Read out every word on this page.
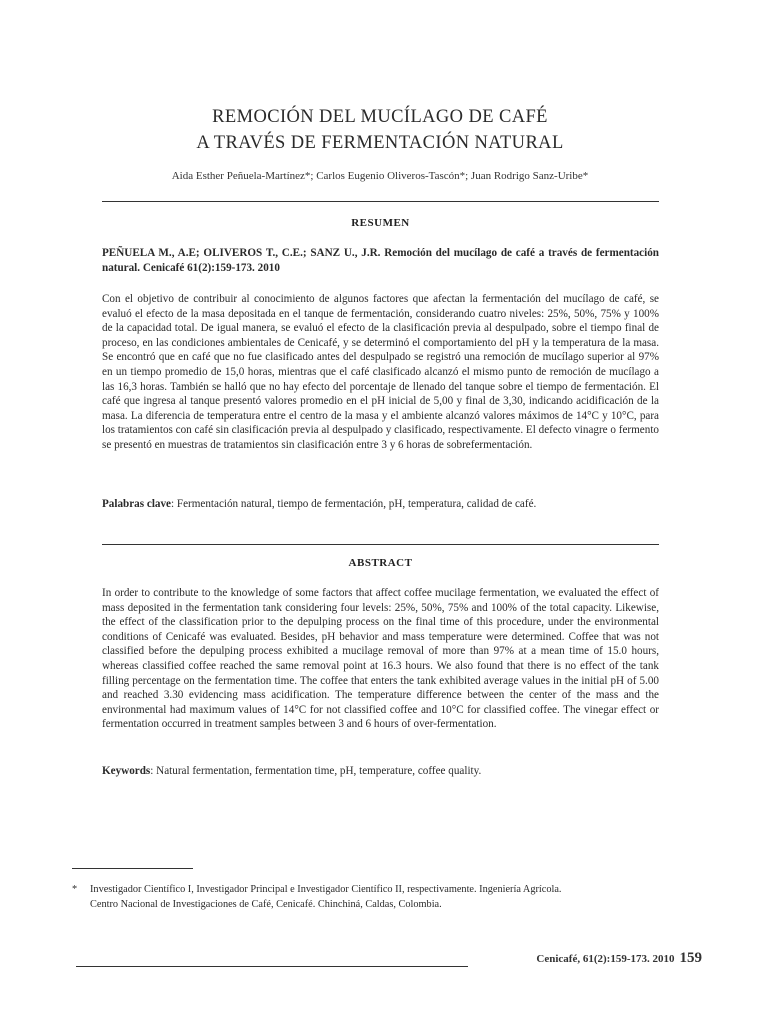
REMOCIÓN DEL MUCÍLAGO DE CAFÉ
A TRAVÉS DE FERMENTACIÓN NATURAL
Aida Esther Peñuela-Martínez*; Carlos Eugenio Oliveros-Tascón*; Juan Rodrigo Sanz-Uribe*
RESUMEN
PEÑUELA M., A.E; OLIVEROS T., C.E.; SANZ U., J.R. Remoción del mucílago de café a través de fermentación natural. Cenicafé 61(2):159-173. 2010
Con el objetivo de contribuir al conocimiento de algunos factores que afectan la fermentación del mucílago de café, se evaluó el efecto de la masa depositada en el tanque de fermentación, considerando cuatro niveles: 25%, 50%, 75% y 100% de la capacidad total. De igual manera, se evaluó el efecto de la clasificación previa al despulpado, sobre el tiempo final de proceso, en las condiciones ambientales de Cenicafé, y se determinó el comportamiento del pH y la temperatura de la masa. Se encontró que en café que no fue clasificado antes del despulpado se registró una remoción de mucílago superior al 97% en un tiempo promedio de 15,0 horas, mientras que el café clasificado alcanzó el mismo punto de remoción de mucílago a las 16,3 horas. También se halló que no hay efecto del porcentaje de llenado del tanque sobre el tiempo de fermentación. El café que ingresa al tanque presentó valores promedio en el pH inicial de 5,00 y final de 3,30, indicando acidificación de la masa. La diferencia de temperatura entre el centro de la masa y el ambiente alcanzó valores máximos de 14°C y 10°C, para los tratamientos con café sin clasificación previa al despulpado y clasificado, respectivamente. El defecto vinagre o fermento se presentó en muestras de tratamientos sin clasificación entre 3 y 6 horas de sobrefermentación.
Palabras clave: Fermentación natural, tiempo de fermentación, pH, temperatura, calidad de café.
ABSTRACT
In order to contribute to the knowledge of some factors that affect coffee mucilage fermentation, we evaluated the effect of mass deposited in the fermentation tank considering four levels: 25%, 50%, 75% and 100% of the total capacity. Likewise, the effect of the classification prior to the depulping process on the final time of this procedure, under the environmental conditions of Cenicafé was evaluated. Besides, pH behavior and mass temperature were determined. Coffee that was not classified before the depulping process exhibited a mucilage removal of more than 97% at a mean time of 15.0 hours, whereas classified coffee reached the same removal point at 16.3 hours. We also found that there is no effect of the tank filling percentage on the fermentation time. The coffee that enters the tank exhibited average values in the initial pH of 5.00 and reached 3.30 evidencing mass acidification. The temperature difference between the center of the mass and the environmental had maximum values of 14°C for not classified coffee and 10°C for classified coffee. The vinegar effect or fermentation occurred in treatment samples between 3 and 6 hours of over-fermentation.
Keywords: Natural fermentation, fermentation time, pH, temperature, coffee quality.
* Investigador Científico I, Investigador Principal e Investigador Científico II, respectivamente. Ingeniería Agrícola.
Centro Nacional de Investigaciones de Café, Cenicafé. Chinchiná, Caldas, Colombia.
Cenicafé, 61(2):159-173. 2010 159
